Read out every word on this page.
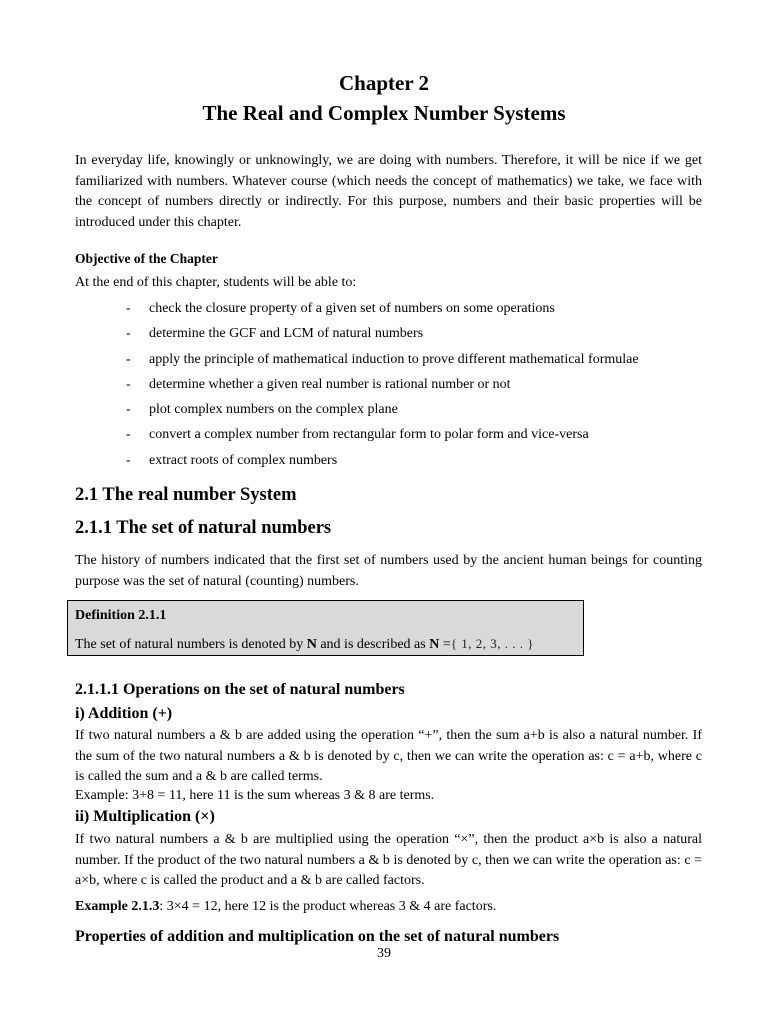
Chapter 2
The Real and Complex Number Systems

In everyday life, knowingly or unknowingly, we are doing with numbers. Therefore, it will be nice if we get familiarized with numbers. Whatever course (which needs the concept of mathematics) we take, we face with the concept of numbers directly or indirectly. For this purpose, numbers and their basic properties will be introduced under this chapter.

Objective of the Chapter
At the end of this chapter, students will be able to:
- check the closure property of a given set of numbers on some operations
- determine the GCF and LCM of natural numbers
- apply the principle of mathematical induction to prove different mathematical formulae
- determine whether a given real number is rational number or not
- plot complex numbers on the complex plane
- convert a complex number from rectangular form to polar form and vice-versa
- extract roots of complex numbers
2.1 The real number System
2.1.1 The set of natural numbers

The history of numbers indicated that the first set of numbers used by the ancient human beings for counting purpose was the set of natural (counting) numbers.

Definition 2.1.1
The set of natural numbers is denoted by N and is described as N ={ 1, 2, 3, . . . }
2.1.1.1 Operations on the set of natural numbers
i) Addition (+)

If two natural numbers a & b are added using the operation “+”, then the sum a+b is also a natural number. If the sum of the two natural numbers a & b is denoted by c, then we can write the operation as: c = a+b, where c is called the sum and a & b are called terms.

Example: 3+8 = 11, here 11 is the sum whereas 3 & 8 are terms.
ii) Multiplication (×)

If two natural numbers a & b are multiplied using the operation “×”, then the product a×b is also a natural number. If the product of the two natural numbers a & b is denoted by c, then we can write the operation as: c = a×b, where c is called the product and a & b are called factors.

Example 2.1.3: 3×4 = 12, here 12 is the product whereas 3 & 4 are factors.
Properties of addition and multiplication on the set of natural numbers
39
